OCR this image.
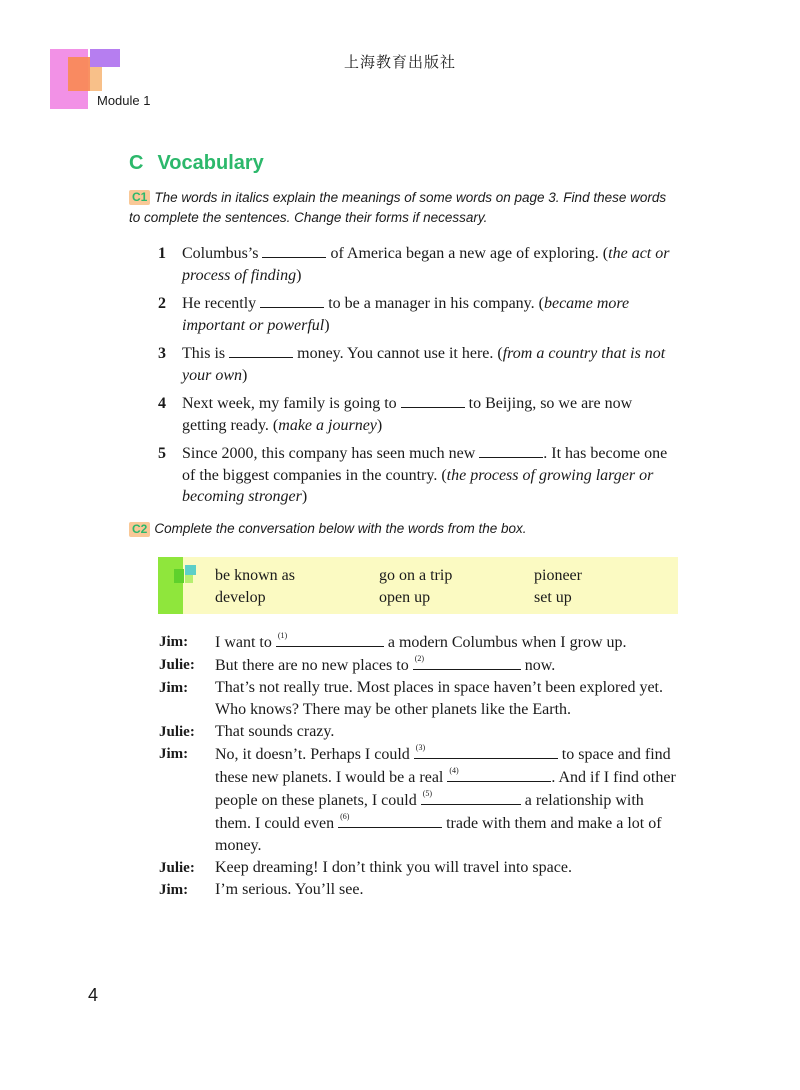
上海教育出版社
Module 1
C Vocabulary
C1 The words in italics explain the meanings of some words on page 3. Find these words to complete the sentences. Change their forms if necessary.
1 Columbus’s	of America began a new age of exploring. (the act or process of finding)
2 He recently	to be a manager in his company. (became more important or powerful)
3 This is	money. You cannot use it here. (from a country that is not your own)
4 Next week, my family is going to	to Beijing, so we are now getting ready. (make a journey)
5 Since 2000, this company has seen much new	. It has become one of the biggest companies in the country. (the process of growing larger or becoming stronger)
C2 Complete the conversation below with the words from the box.
be known as	go on a trip	pioneer
develop	open up	set up
Jim:	I want to (1)	a modern Columbus when I grow up.
Julie:	But there are no new places to (2)	now.
Jim:	That’s not really true. Most places in space haven’t been explored yet. Who knows? There may be other planets like the Earth.
Julie:	That sounds crazy.
Jim:	No, it doesn’t. Perhaps I could (3)	to space and find these new planets. I would be a real (4)	. And if I find other people on these planets, I could (5)	a relationship with them. I could even (6)	trade with them and make a lot of money.
Julie:	Keep dreaming! I don’t think you will travel into space.
Jim:	I’m serious. You’ll see.
4
